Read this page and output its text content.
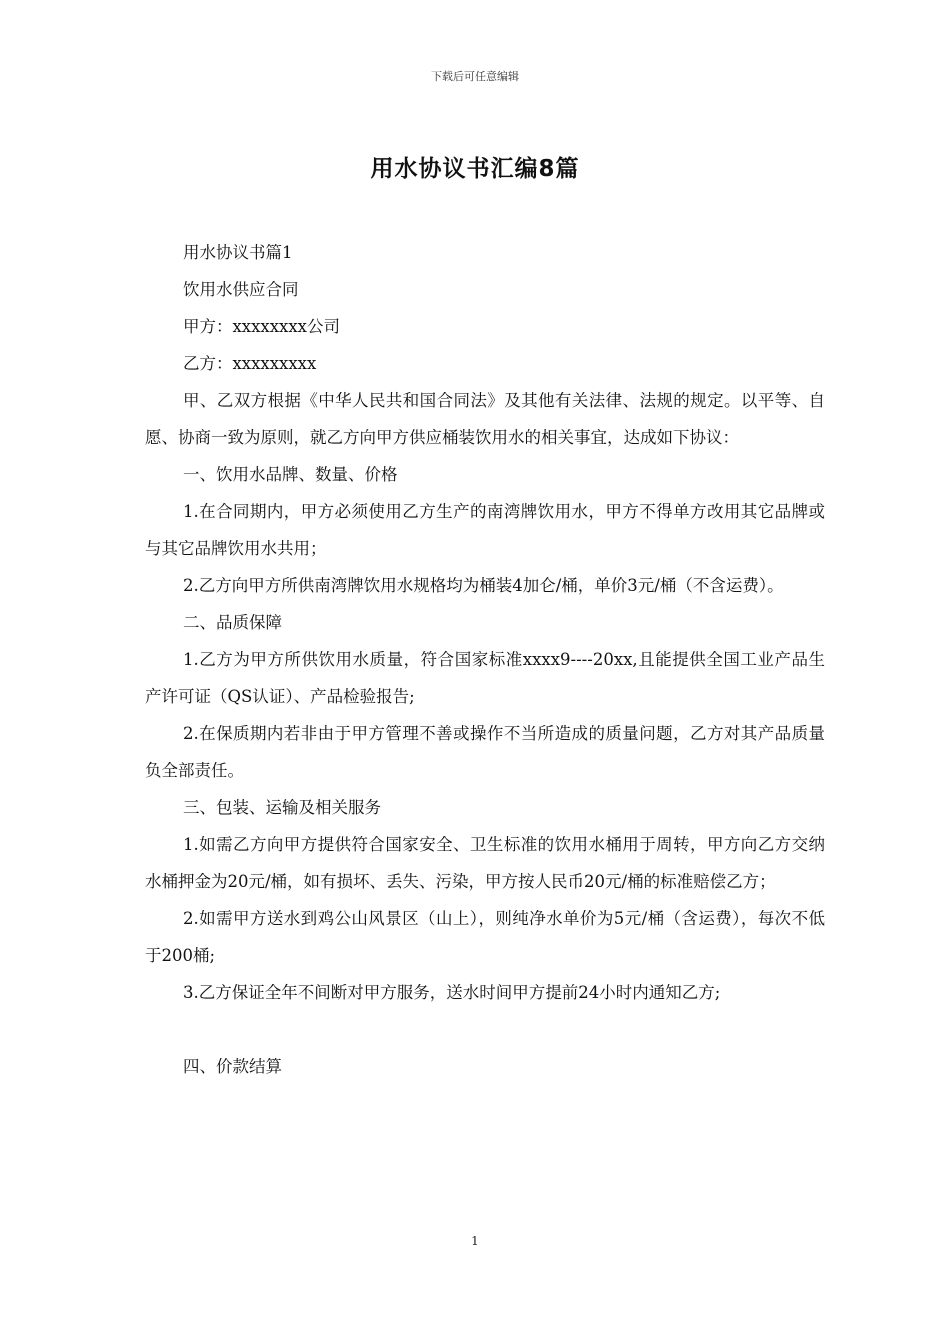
下载后可任意编辑
用水协议书汇编8篇

用水协议书篇1

饮用水供应合同

甲方：xxxxxxxx公司

乙方：xxxxxxxxx

甲、乙双方根据《中华人民共和国合同法》及其他有关法律、法规的规定。以平等、自愿、协商一致为原则，就乙方向甲方供应桶装饮用水的相关事宜，达成如下协议：

一、饮用水品牌、数量、价格

1.在合同期内，甲方必须使用乙方生产的南湾牌饮用水，甲方不得单方改用其它品牌或与其它品牌饮用水共用；

2.乙方向甲方所供南湾牌饮用水规格均为桶装4加仑/桶，单价3元/桶（不含运费）。

二、品质保障

1.乙方为甲方所供饮用水质量，符合国家标准xxxx9----20xx,且能提供全国工业产品生产许可证（QS认证）、产品检验报告;

2.在保质期内若非由于甲方管理不善或操作不当所造成的质量问题，乙方对其产品质量负全部责任。

三、包装、运输及相关服务

1.如需乙方向甲方提供符合国家安全、卫生标准的饮用水桶用于周转，甲方向乙方交纳水桶押金为20元/桶，如有损坏、丢失、污染，甲方按人民币20元/桶的标准赔偿乙方；

2.如需甲方送水到鸡公山风景区（山上），则纯净水单价为5元/桶（含运费），每次不低于200桶;

3.乙方保证全年不间断对甲方服务，送水时间甲方提前24小时内通知乙方;

四、价款结算

1
